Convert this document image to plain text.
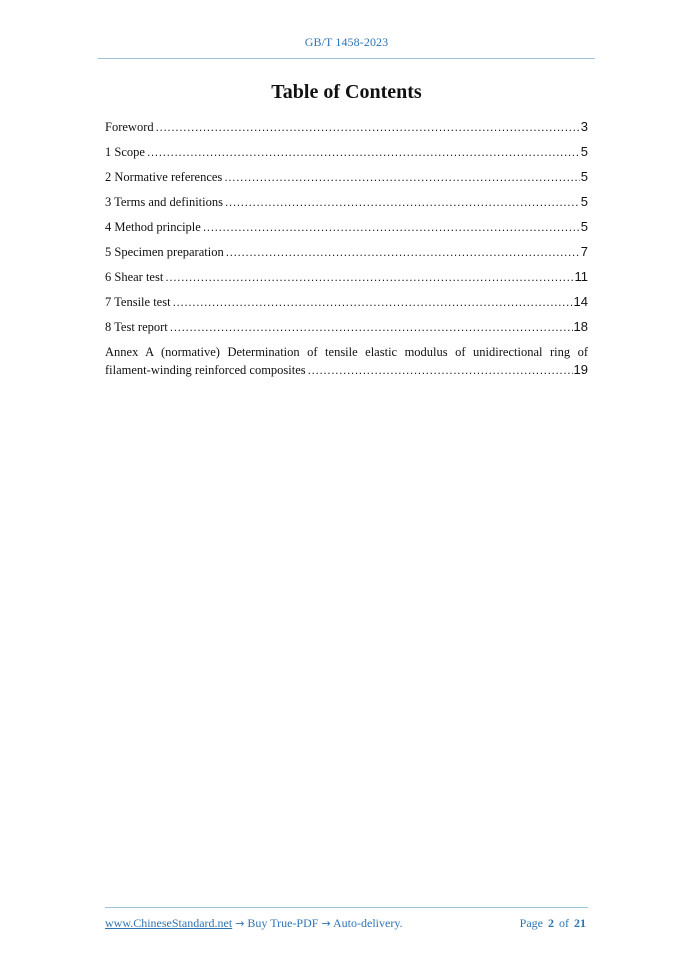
GB/T 1458-2023
Table of Contents
Foreword .....	3
1 Scope .....	5
2 Normative references .....	5
3 Terms and definitions .....	5
4 Method principle .....	5
5 Specimen preparation .....	7
6 Shear test .....	11
7 Tensile test .....	14
8 Test report .....	18
Annex A (normative) Determination of tensile elastic modulus of unidirectional ring of
filament-winding reinforced composites .....	19
www.ChineseStandard.net → Buy True-PDF → Auto-delivery.	Page 2 of 21
